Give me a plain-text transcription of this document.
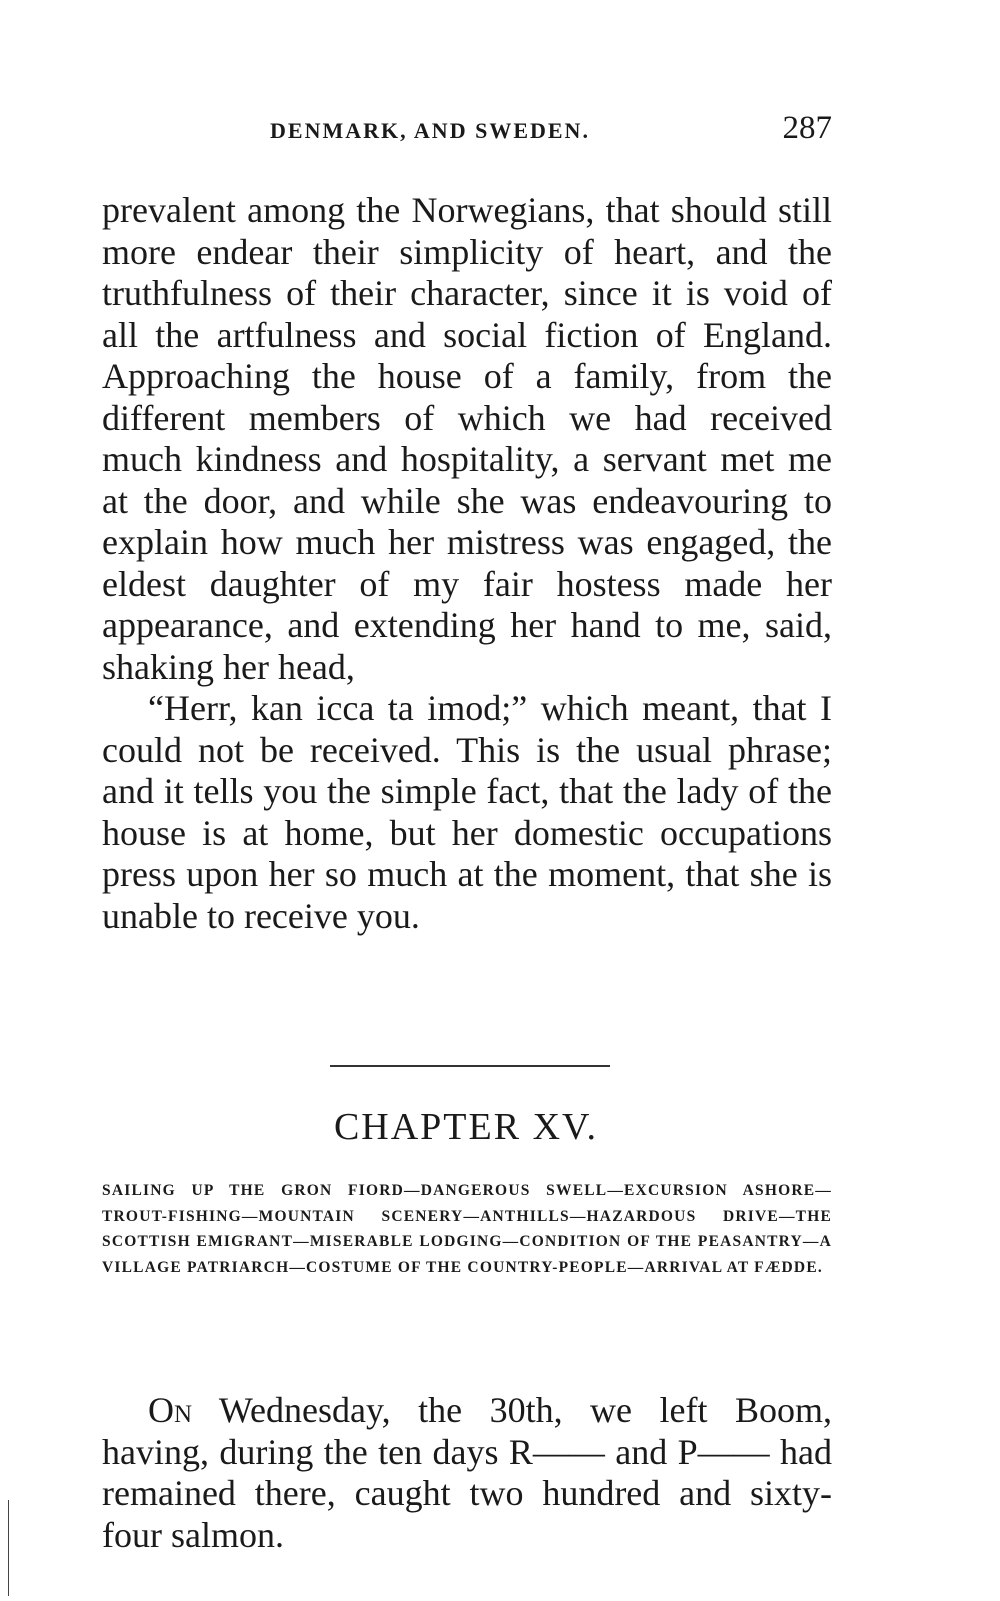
DENMARK, AND SWEDEN.	287

prevalent among the Norwegians, that should still more endear their simplicity of heart, and the truthfulness of their character, since it is void of all the artfulness and social fiction of England. Approaching the house of a family, from the different members of which we had received much kindness and hospitality, a servant met me at the door, and while she was endeavouring to explain how much her mistress was engaged, the eldest daughter of my fair hostess made her appearance, and extending her hand to me, said, shaking her head,

“Herr, kan icca ta imod;” which meant, that I could not be received. This is the usual phrase; and it tells you the simple fact, that the lady of the house is at home, but her domestic occupations press upon her so much at the moment, that she is unable to receive you.

CHAPTER XV.

SAILING UP THE GRON FIORD—DANGEROUS SWELL—EXCURSION ASHORE—TROUT-FISHING—MOUNTAIN SCENERY—ANTHILLS—HAZARDOUS DRIVE—THE SCOTTISH EMIGRANT—MISERABLE LODGING—CONDITION OF THE PEASANTRY—A VILLAGE PATRIARCH—COSTUME OF THE COUNTRY-PEOPLE—ARRIVAL AT FÆDDE.

On Wednesday, the 30th, we left Boom, having, during the ten days R—— and P—— had remained there, caught two hundred and sixty-four salmon.
